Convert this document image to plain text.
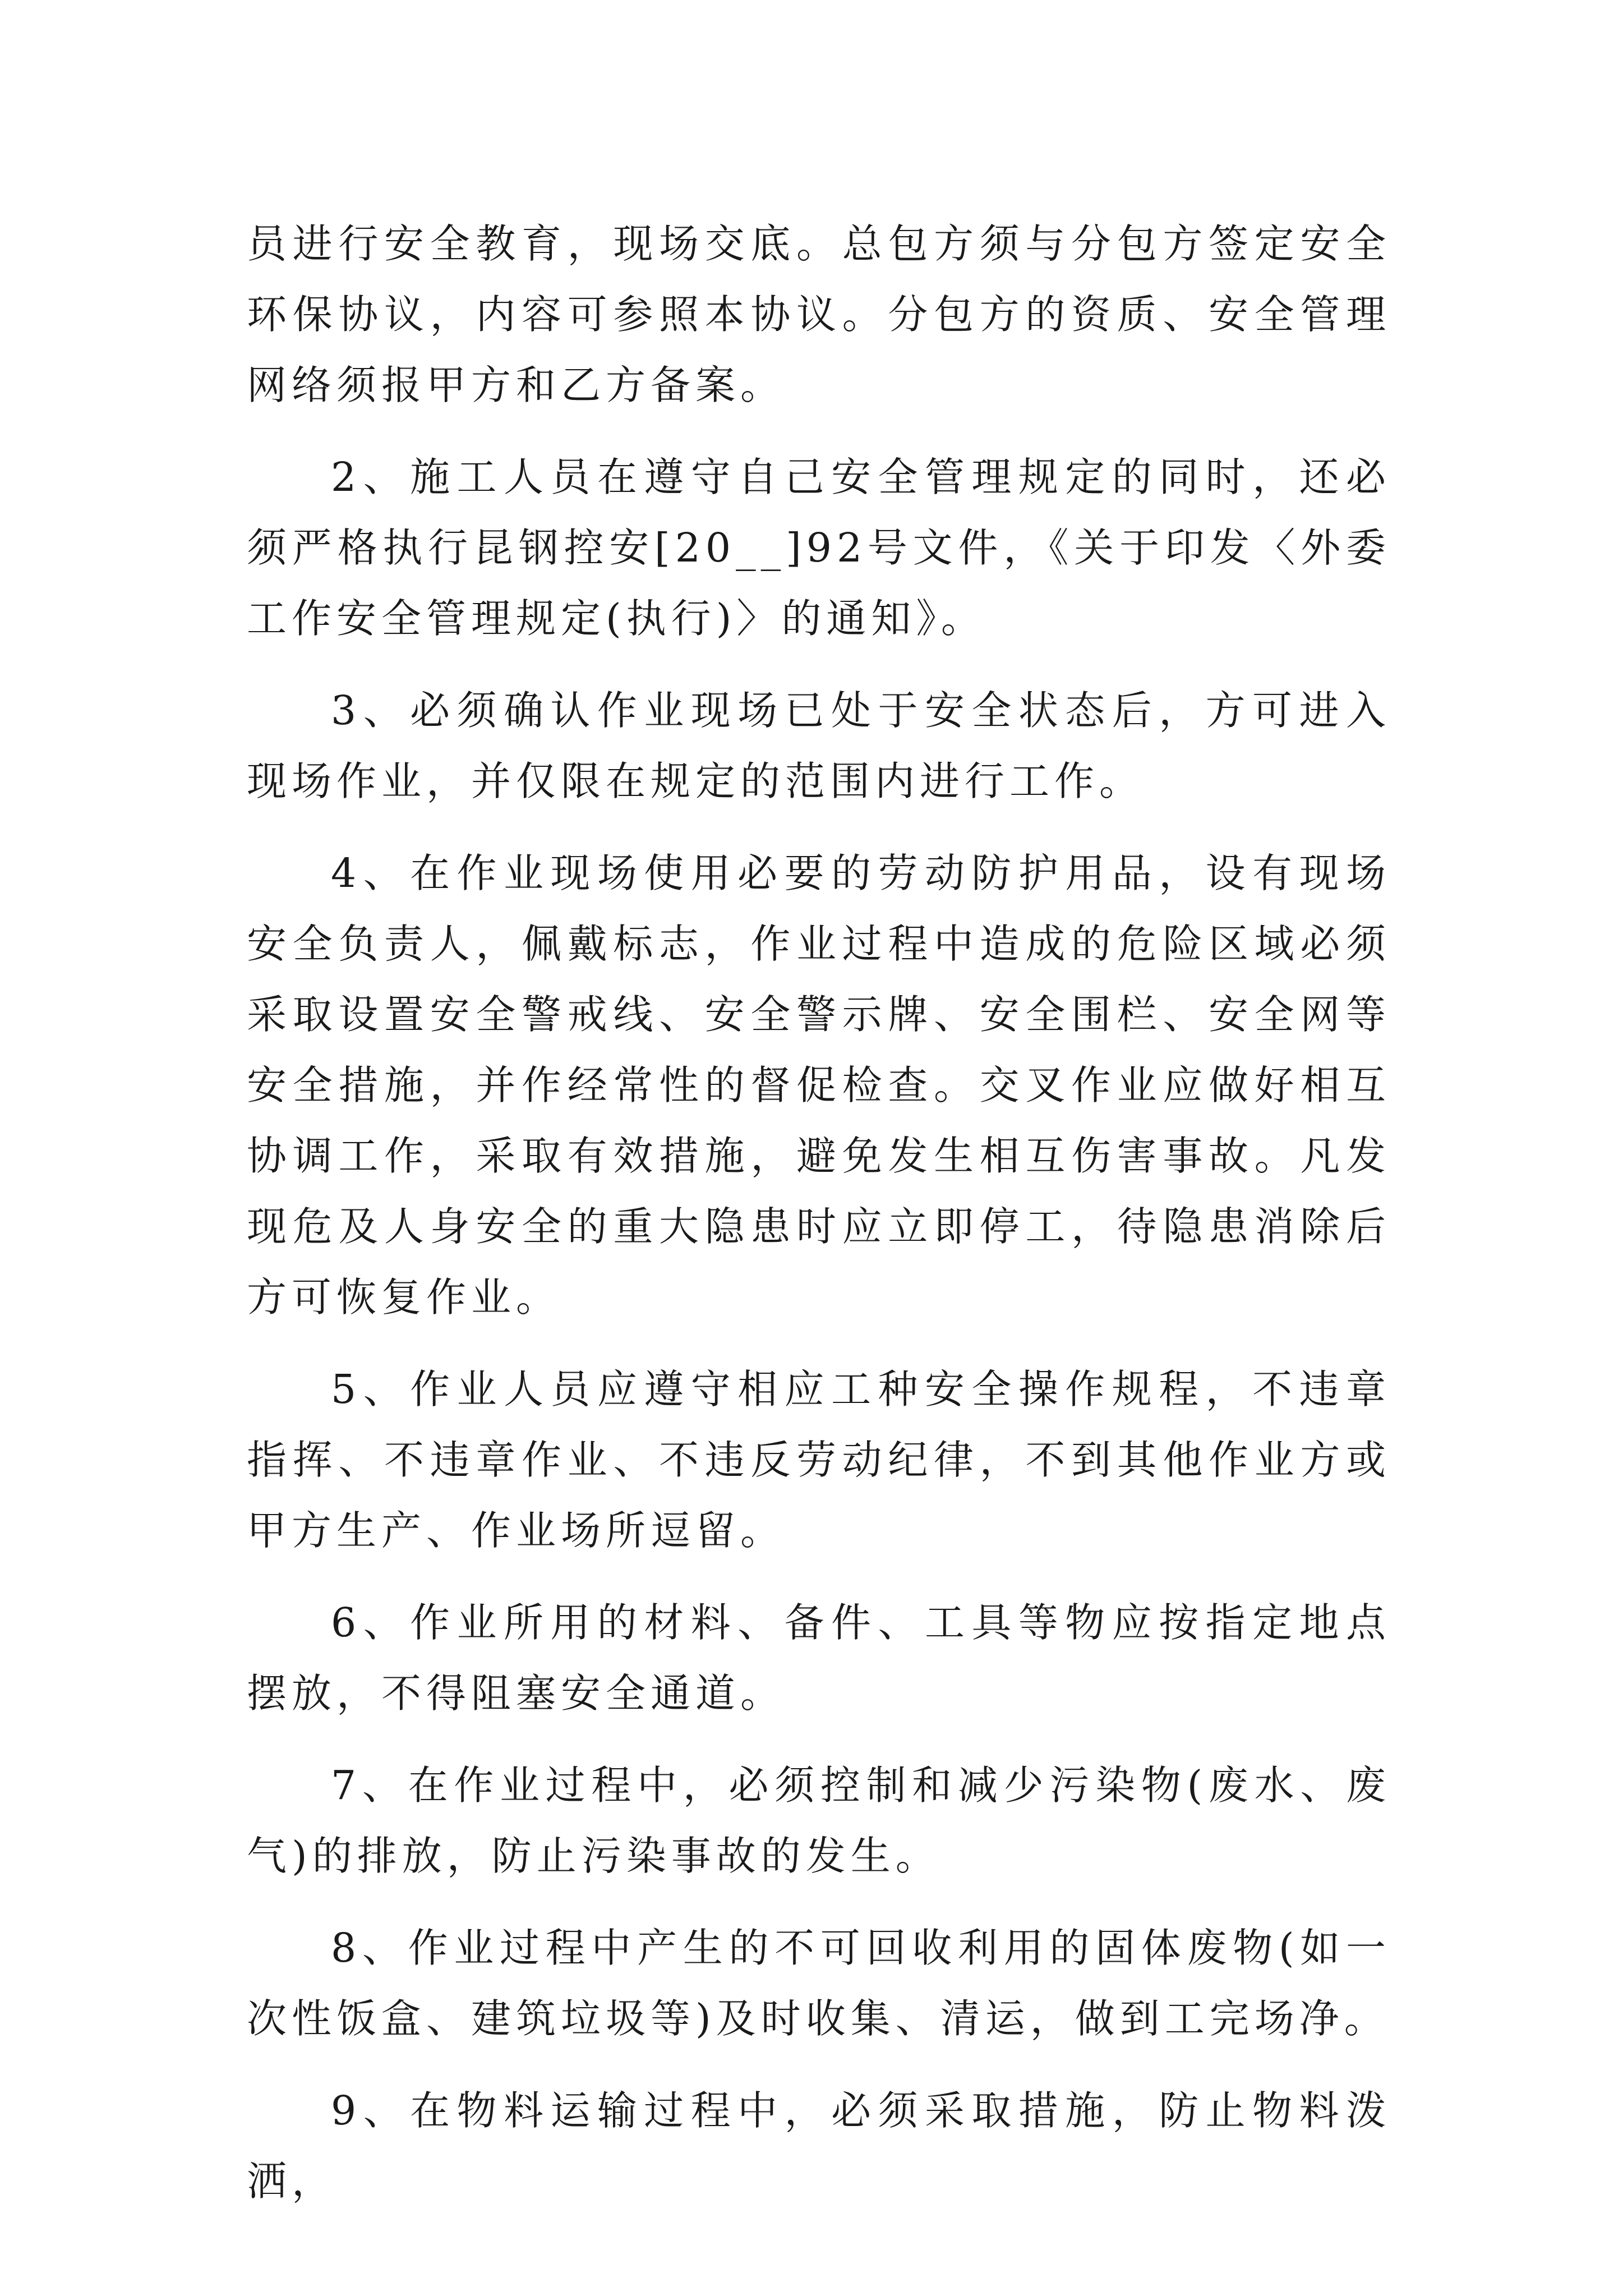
员进行安全教育，现场交底。总包方须与分包方签定安全环保协议，内容可参照本协议。分包方的资质、安全管理网络须报甲方和乙方备案。

2、施工人员在遵守自己安全管理规定的同时，还必须严格执行昆钢控安[20__]92号文件，《关于印发〈外委工作安全管理规定(执行)〉的通知》。

3、必须确认作业现场已处于安全状态后，方可进入现场作业，并仅限在规定的范围内进行工作。

4、在作业现场使用必要的劳动防护用品，设有现场安全负责人，佩戴标志，作业过程中造成的危险区域必须采取设置安全警戒线、安全警示牌、安全围栏、安全网等安全措施，并作经常性的督促检查。交叉作业应做好相互协调工作，采取有效措施，避免发生相互伤害事故。凡发现危及人身安全的重大隐患时应立即停工，待隐患消除后方可恢复作业。

5、作业人员应遵守相应工种安全操作规程，不违章指挥、不违章作业、不违反劳动纪律，不到其他作业方或甲方生产、作业场所逗留。

6、作业所用的材料、备件、工具等物应按指定地点摆放，不得阻塞安全通道。

7、在作业过程中，必须控制和减少污染物(废水、废气)的排放，防止污染事故的发生。

8、作业过程中产生的不可回收利用的固体废物(如一次性饭盒、建筑垃圾等)及时收集、清运，做到工完场净。

9、在物料运输过程中，必须采取措施，防止物料泼洒，
